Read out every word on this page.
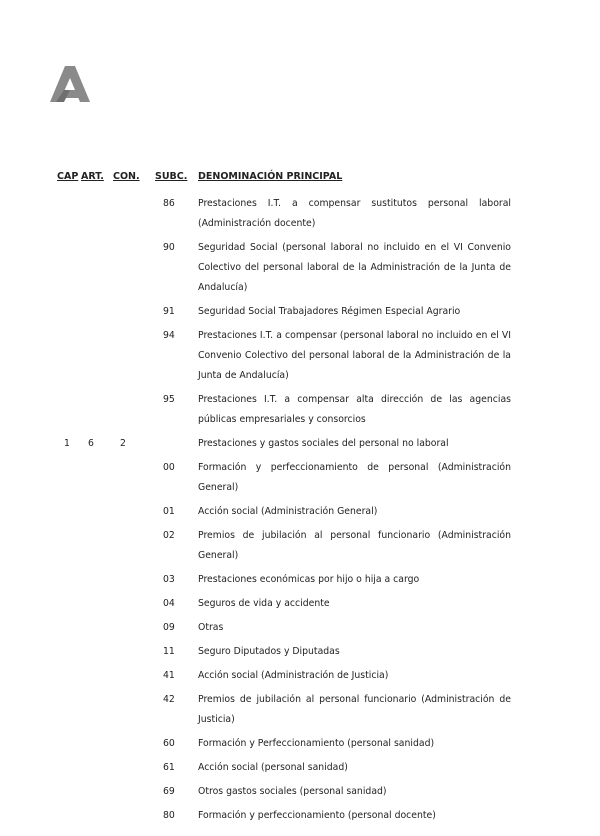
CAP ART. CON. SUBC. DENOMINACIÓN PRINCIPAL
86 Prestaciones I.T. a compensar sustitutos personal laboral (Administración docente)
90 Seguridad Social (personal laboral no incluido en el VI Convenio Colectivo del personal laboral de la Administración de la Junta de Andalucía)
91 Seguridad Social Trabajadores Régimen Especial Agrario
94 Prestaciones I.T. a compensar (personal laboral no incluido en el VI Convenio Colectivo del personal laboral de la Administración de la Junta de Andalucía)
95 Prestaciones I.T. a compensar alta dirección de las agencias públicas empresariales y consorcios
1 6	2	Prestaciones y gastos sociales del personal no laboral
00 Formación y perfeccionamiento de personal (Administración General)
01 Acción social (Administración General)
02 Premios de jubilación al personal funcionario (Administración General)
03 Prestaciones económicas por hijo o hija a cargo
04 Seguros de vida y accidente
09 Otras
11 Seguro Diputados y Diputadas
41 Acción social (Administración de Justicia)
42 Premios de jubilación al personal funcionario (Administración de Justicia)
60 Formación y Perfeccionamiento (personal sanidad)
61 Acción social (personal sanidad)
69 Otros gastos sociales (personal sanidad)
80 Formación y perfeccionamiento (personal docente)
